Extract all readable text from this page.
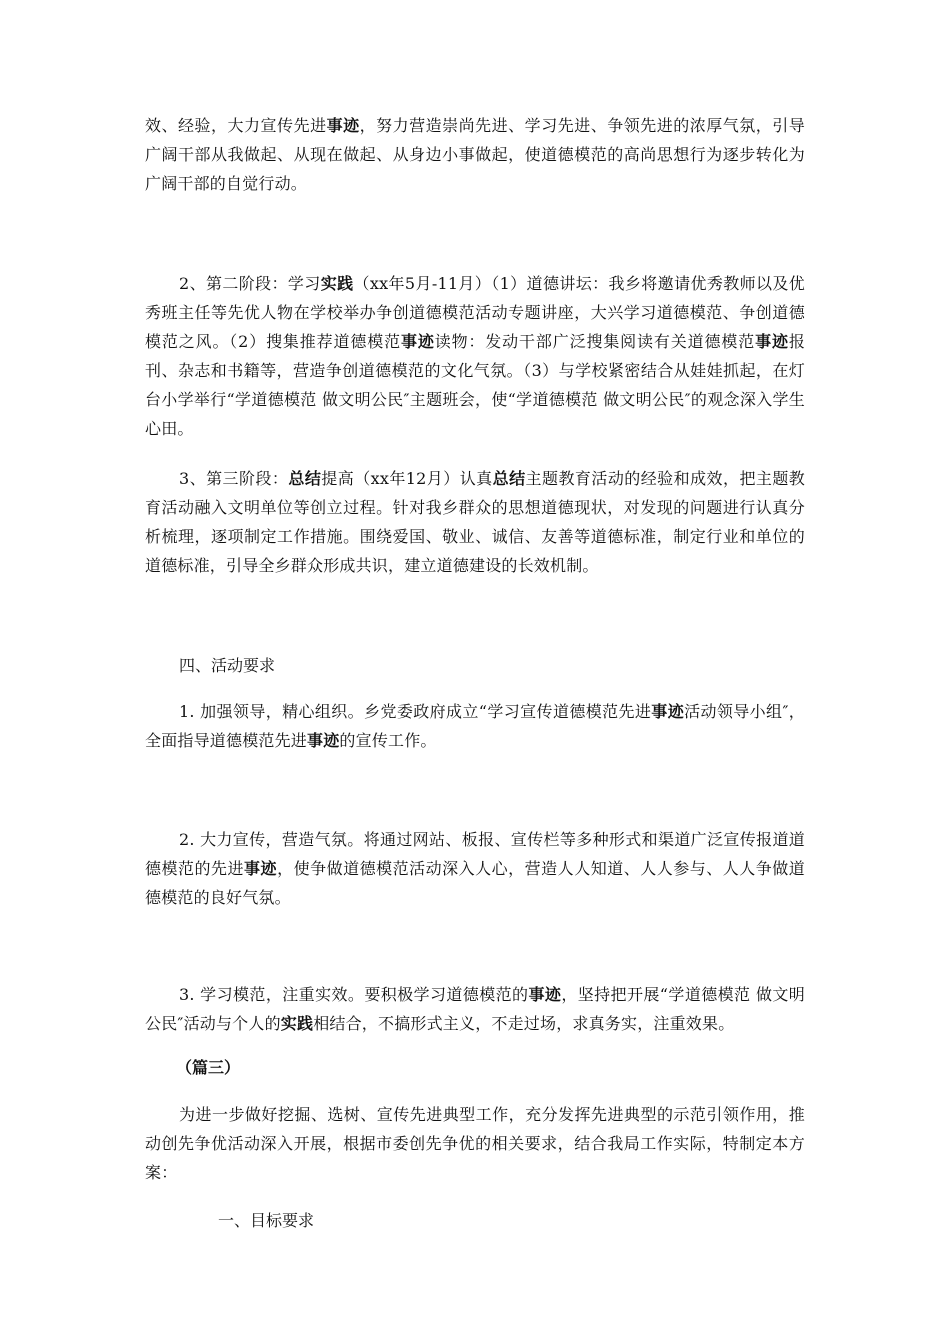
效、经验，大力宣传先进事迹，努力营造崇尚先进、学习先进、争领先进的浓厚气氛，引导广阔干部从我做起、从现在做起、从身边小事做起，使道德模范的高尚思想行为逐步转化为广阔干部的自觉行动。

2、第二阶段：学习实践（xx年5月-11月）（1）道德讲坛：我乡将邀请优秀教师以及优秀班主任等先优人物在学校举办争创道德模范活动专题讲座，大兴学习道德模范、争创道德模范之风。（2）搜集推荐道德模范事迹读物：发动干部广泛搜集阅读有关道德模范事迹报刊、杂志和书籍等，营造争创道德模范的文化气氛。（3）与学校紧密结合从娃娃抓起，在灯台小学举行“学道德模范 做文明公民″主题班会，使“学道德模范 做文明公民″的观念深入学生心田。

3、第三阶段：总结提高（xx年12月）认真总结主题教育活动的经验和成效，把主题教育活动融入文明单位等创立过程。针对我乡群众的思想道德现状，对发现的问题进行认真分析梳理，逐项制定工作措施。围绕爱国、敬业、诚信、友善等道德标准，制定行业和单位的道德标准，引导全乡群众形成共识，建立道德建设的长效机制。

四、活动要求

1. 加强领导，精心组织。乡党委政府成立“学习宣传道德模范先进事迹活动领导小组″，全面指导道德模范先进事迹的宣传工作。

2. 大力宣传，营造气氛。将通过网站、板报、宣传栏等多种形式和渠道广泛宣传报道道德模范的先进事迹，使争做道德模范活动深入人心，营造人人知道、人人参与、人人争做道德模范的良好气氛。

3. 学习模范，注重实效。要积极学习道德模范的事迹，坚持把开展“学道德模范 做文明公民″活动与个人的实践相结合，不搞形式主义，不走过场，求真务实，注重效果。

（篇三）

为进一步做好挖掘、选树、宣传先进典型工作，充分发挥先进典型的示范引领作用，推动创先争优活动深入开展，根据市委创先争优的相关要求，结合我局工作实际，特制定本方案：

一、目标要求
